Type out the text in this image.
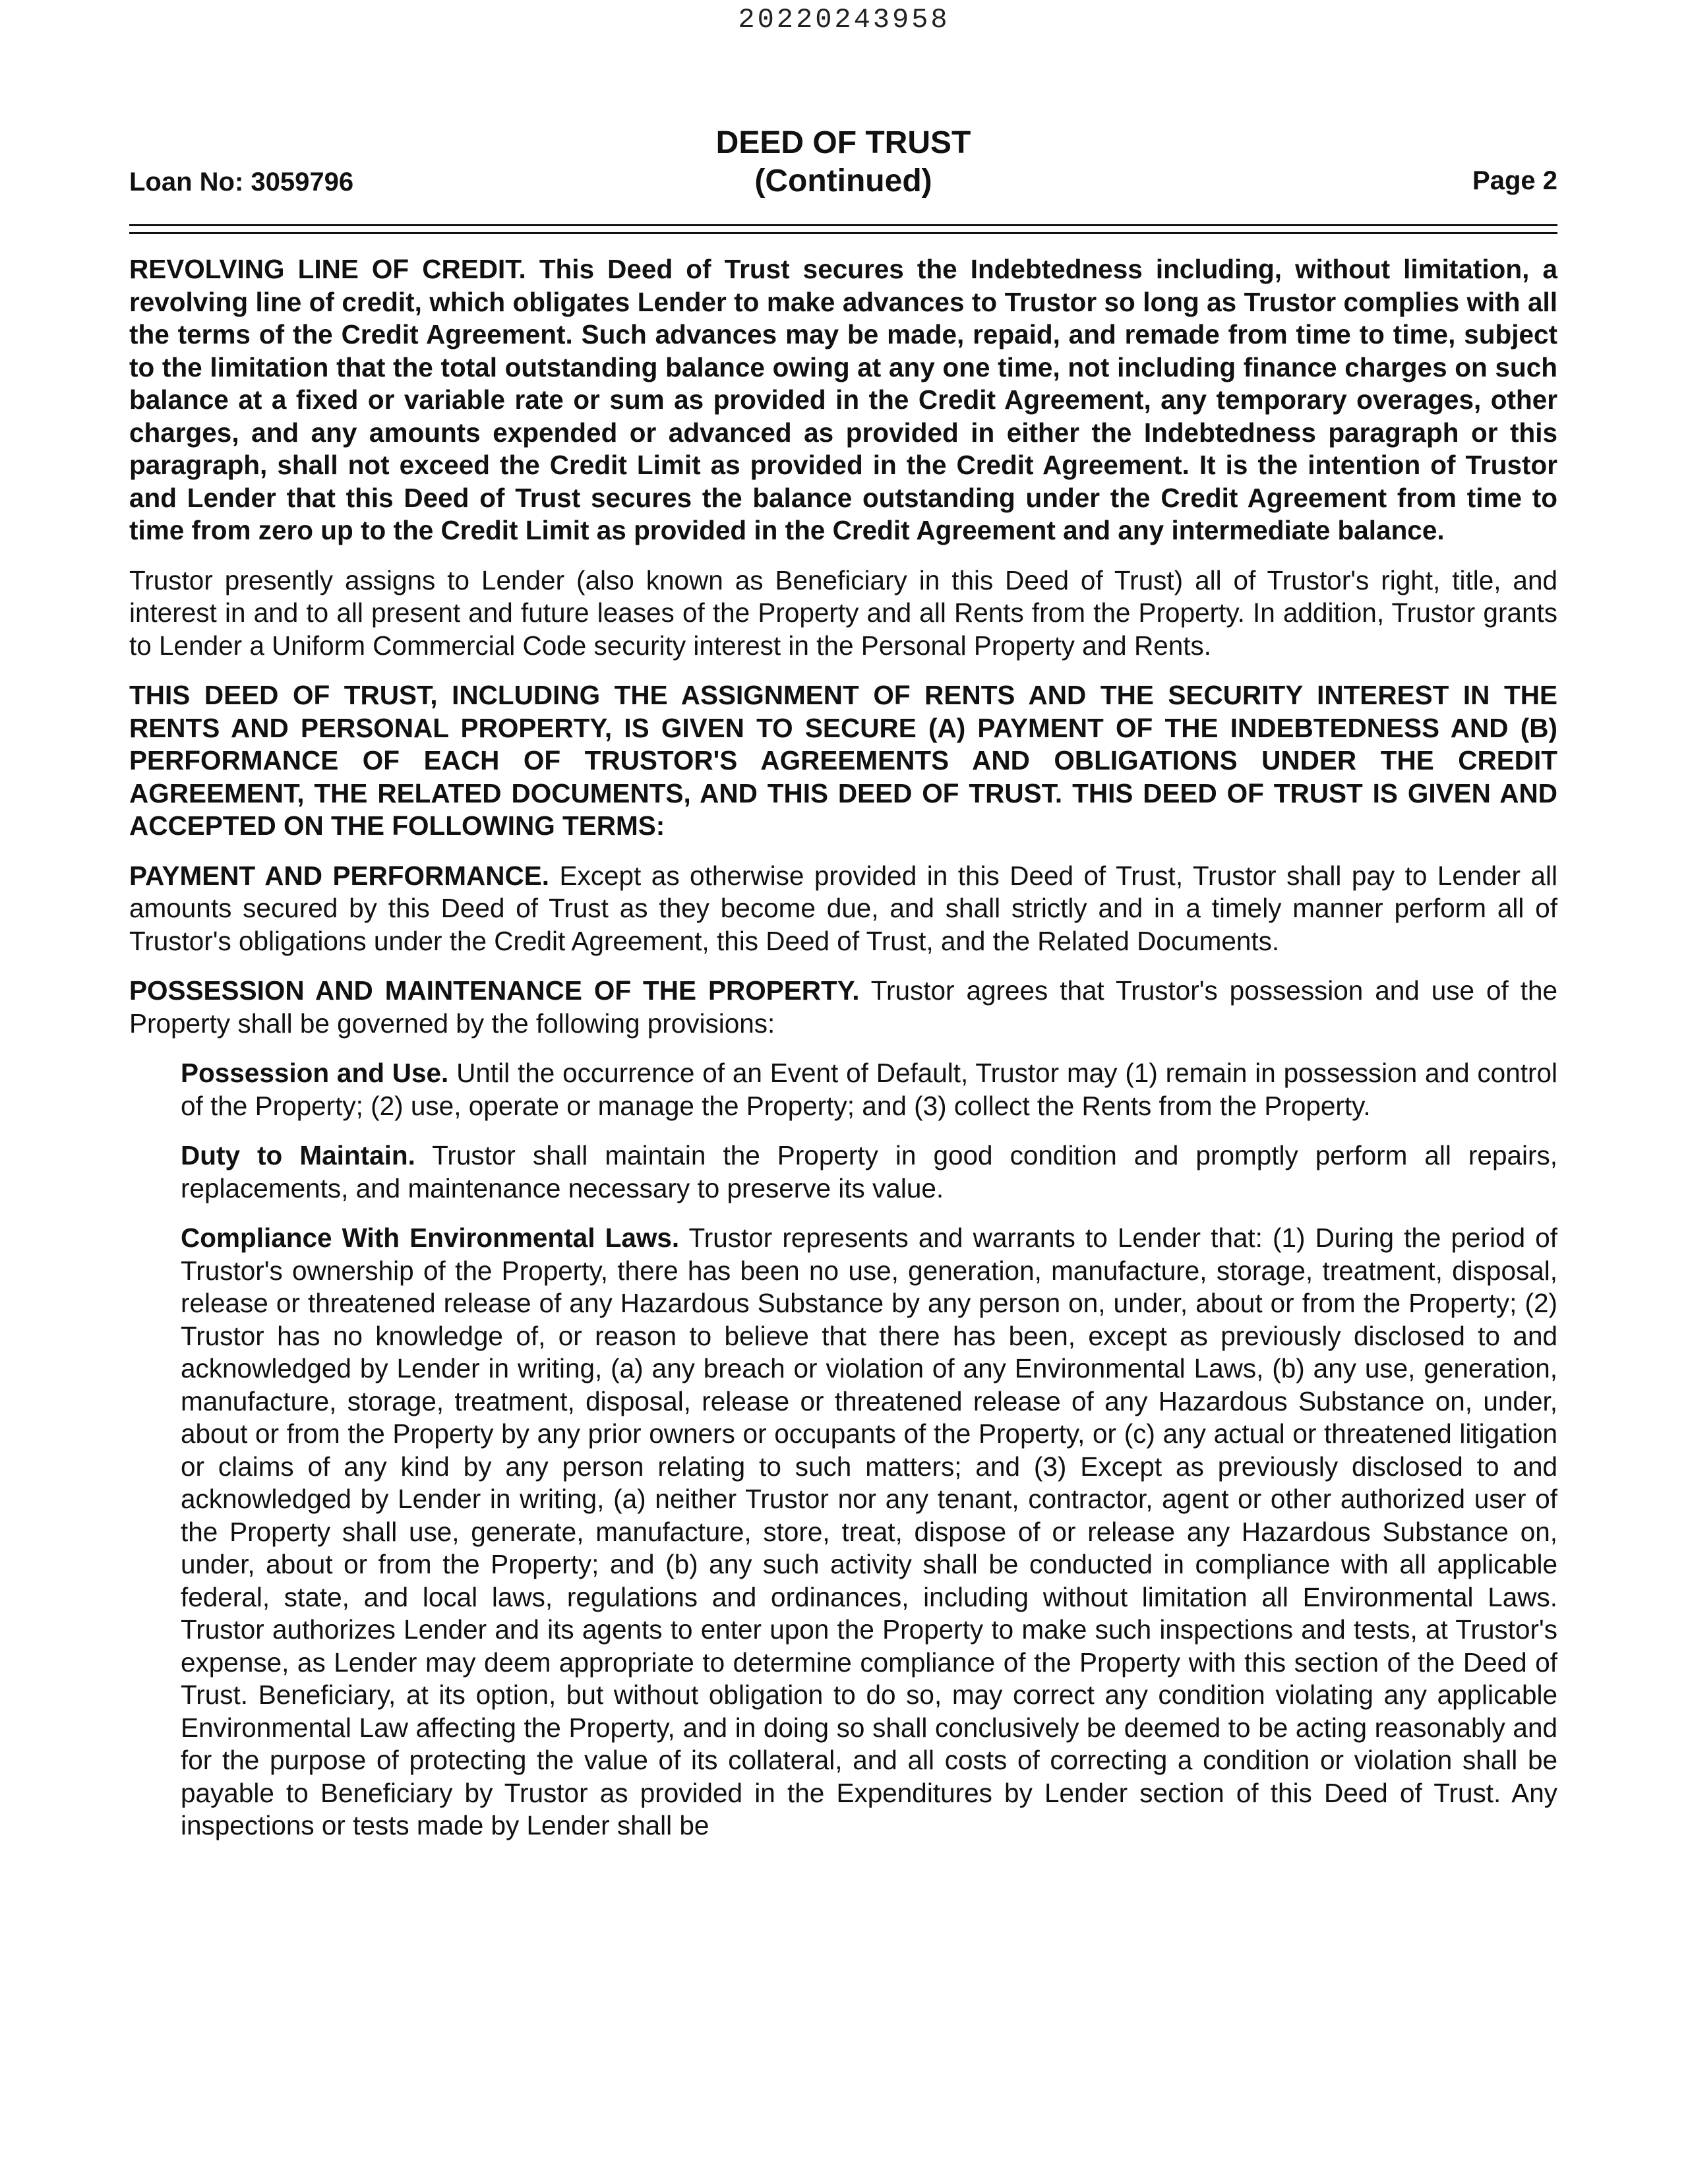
20220243958
Loan No: 3059796
DEED OF TRUST
(Continued)	Page 2

REVOLVING LINE OF CREDIT. This Deed of Trust secures the Indebtedness including, without limitation, a revolving line of credit, which obligates Lender to make advances to Trustor so long as Trustor complies with all the terms of the Credit Agreement. Such advances may be made, repaid, and remade from time to time, subject to the limitation that the total outstanding balance owing at any one time, not including finance charges on such balance at a fixed or variable rate or sum as provided in the Credit Agreement, any temporary overages, other charges, and any amounts expended or advanced as provided in either the Indebtedness paragraph or this paragraph, shall not exceed the Credit Limit as provided in the Credit Agreement. It is the intention of Trustor and Lender that this Deed of Trust secures the balance outstanding under the Credit Agreement from time to time from zero up to the Credit Limit as provided in the Credit Agreement and any intermediate balance.

Trustor presently assigns to Lender (also known as Beneficiary in this Deed of Trust) all of Trustor's right, title, and interest in and to all present and future leases of the Property and all Rents from the Property. In addition, Trustor grants to Lender a Uniform Commercial Code security interest in the Personal Property and Rents.

THIS DEED OF TRUST, INCLUDING THE ASSIGNMENT OF RENTS AND THE SECURITY INTEREST IN THE RENTS AND PERSONAL PROPERTY, IS GIVEN TO SECURE (A) PAYMENT OF THE INDEBTEDNESS AND (B) PERFORMANCE OF EACH OF TRUSTOR'S AGREEMENTS AND OBLIGATIONS UNDER THE CREDIT AGREEMENT, THE RELATED DOCUMENTS, AND THIS DEED OF TRUST. THIS DEED OF TRUST IS GIVEN AND ACCEPTED ON THE FOLLOWING TERMS:

PAYMENT AND PERFORMANCE. Except as otherwise provided in this Deed of Trust, Trustor shall pay to Lender all amounts secured by this Deed of Trust as they become due, and shall strictly and in a timely manner perform all of Trustor's obligations under the Credit Agreement, this Deed of Trust, and the Related Documents.

POSSESSION AND MAINTENANCE OF THE PROPERTY. Trustor agrees that Trustor's possession and use of the Property shall be governed by the following provisions:

Possession and Use. Until the occurrence of an Event of Default, Trustor may (1) remain in possession and control of the Property; (2) use, operate or manage the Property; and (3) collect the Rents from the Property.

Duty to Maintain. Trustor shall maintain the Property in good condition and promptly perform all repairs, replacements, and maintenance necessary to preserve its value.

Compliance With Environmental Laws. Trustor represents and warrants to Lender that: (1) During the period of Trustor's ownership of the Property, there has been no use, generation, manufacture, storage, treatment, disposal, release or threatened release of any Hazardous Substance by any person on, under, about or from the Property; (2) Trustor has no knowledge of, or reason to believe that there has been, except as previously disclosed to and acknowledged by Lender in writing, (a) any breach or violation of any Environmental Laws, (b) any use, generation, manufacture, storage, treatment, disposal, release or threatened release of any Hazardous Substance on, under, about or from the Property by any prior owners or occupants of the Property, or (c) any actual or threatened litigation or claims of any kind by any person relating to such matters; and (3) Except as previously disclosed to and acknowledged by Lender in writing, (a) neither Trustor nor any tenant, contractor, agent or other authorized user of the Property shall use, generate, manufacture, store, treat, dispose of or release any Hazardous Substance on, under, about or from the Property; and (b) any such activity shall be conducted in compliance with all applicable federal, state, and local laws, regulations and ordinances, including without limitation all Environmental Laws. Trustor authorizes Lender and its agents to enter upon the Property to make such inspections and tests, at Trustor's expense, as Lender may deem appropriate to determine compliance of the Property with this section of the Deed of Trust. Beneficiary, at its option, but without obligation to do so, may correct any condition violating any applicable Environmental Law affecting the Property, and in doing so shall conclusively be deemed to be acting reasonably and for the purpose of protecting the value of its collateral, and all costs of correcting a condition or violation shall be payable to Beneficiary by Trustor as provided in the Expenditures by Lender section of this Deed of Trust. Any inspections or tests made by Lender shall be
